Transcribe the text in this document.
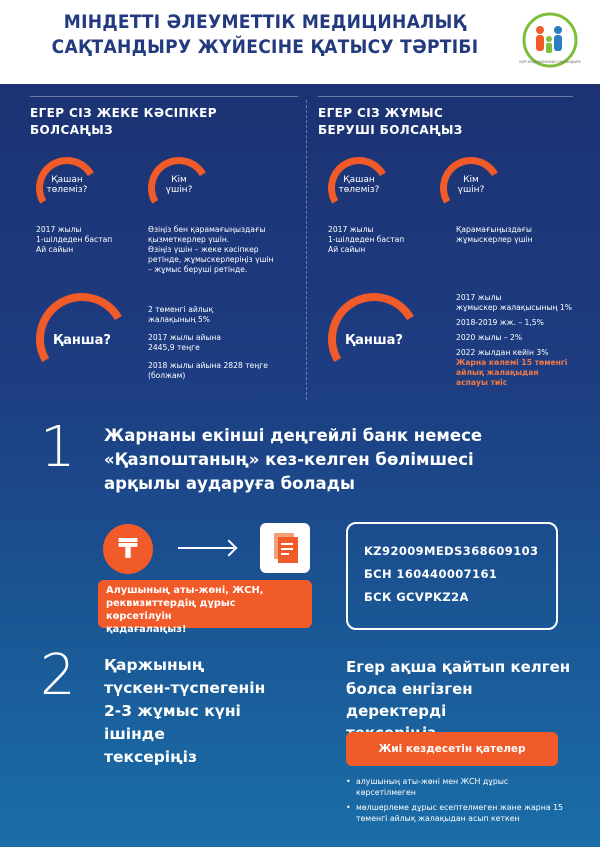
МІНДЕТТІ ӘЛЕУМЕТТІК МЕДИЦИНАЛЫҚ
САҚТАНДЫРУ ЖҮЙЕСІНЕ ҚАТЫСУ ТӘРТІБІ
ҚОР МЕДИЦИНАЛЫҚ САҚТАНДЫРУ
ЕГЕР СІЗ ЖЕКЕ КӘСІПКЕР
БОЛСАҢЫЗ
Қашан
төлеміз?
2017 жылы
1-шілдеден бастап
Ай сайын
Кім
үшін?
Өзіңіз бен қарамағыңыздағы
қызметкерлер үшін.
Өзіңіз үшін – жеке кәсіпкер
ретінде, жұмыскерлеріңіз үшін
– жұмыс беруші ретінде.
Қанша?
2 төменгі айлық
жалақының 5%
2017 жылы айына
2445,9 теңге
2018 жылы айына 2828 теңге
(болжам)
ЕГЕР СІЗ ЖҰМЫС
БЕРУШІ БОЛСАҢЫЗ
Қашан
төлеміз?
2017 жылы
1-шілдеден бастап
Ай сайын
Кім
үшін?
Қарамағыңыздағы
жұмыскерлер үшін
Қанша?
2017 жылы
жұмыскер жалақысының 1%
2018-2019 жж. – 1,5%
2020 жылы – 2%
2022 жылдан кейін 3%
Жарна көлемі 15 төменгі
айлық жалақыдан аспауы тиіс
1 Жарнаны екінші деңгейлі банк немесе
«Қазпоштаның» кез-келген бөлімшесі
арқылы аударуға болады
₸
Алушының аты-жөні, ЖСН,
реквизиттердің дұрыс көрсетілуін
қадағалаңыз!
KZ92009MEDS368609103
БСН 160440007161
БСК GCVPKZ2A
2 Қаржының
түскен-түспегенін
2-3 жұмыс күні ішінде
тексеріңіз
Егер ақша қайтып келген
болса енгізген деректерді
Жиі кездесетін қателер
• алушының аты-жөні мен ЖСН дұрыс көрсетілмеген
• мөлшерлеме дұрыс есептелмеген және жарна 15 төменгі айлық жалақыдан асып кеткен
